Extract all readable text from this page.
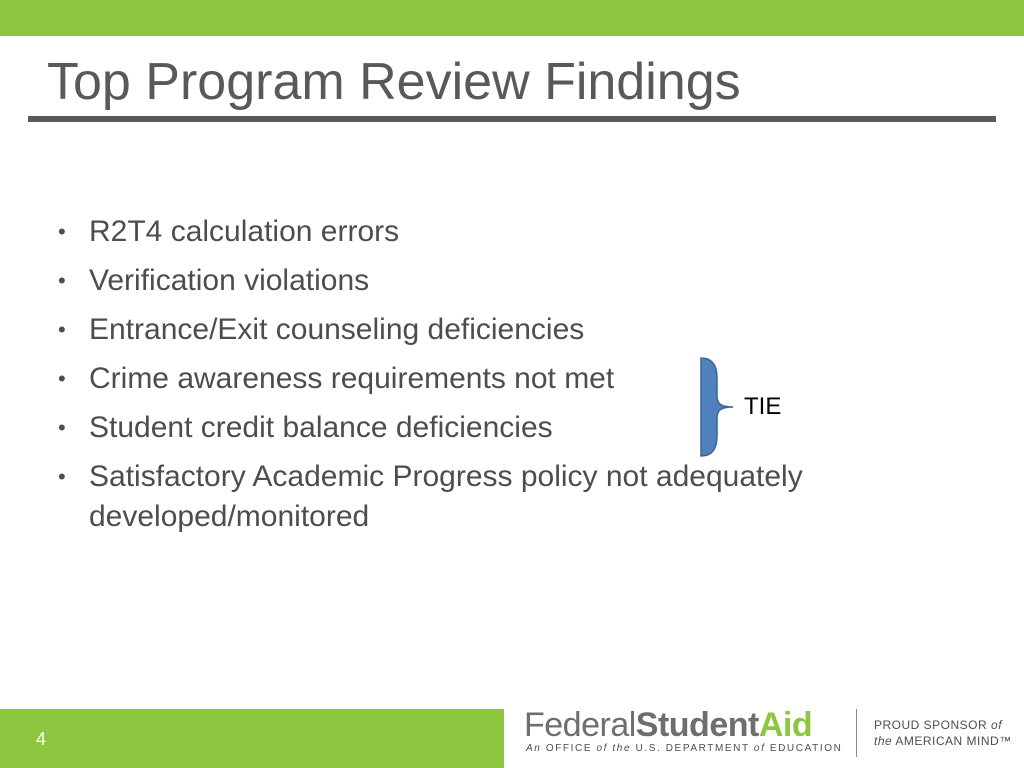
Top Program Review Findings
• R2T4 calculation errors
• Verification violations
• Entrance/Exit counseling deficiencies
• Crime awareness requirements not met
• Student credit balance deficiencies
• Satisfactory Academic Progress policy not adequately developed/monitored
TIE
4	FederalStudentAid
An OFFICE of the U.S. DEPARTMENT of EDUCATION
PROUD SPONSOR of
the AMERICAN MIND™
